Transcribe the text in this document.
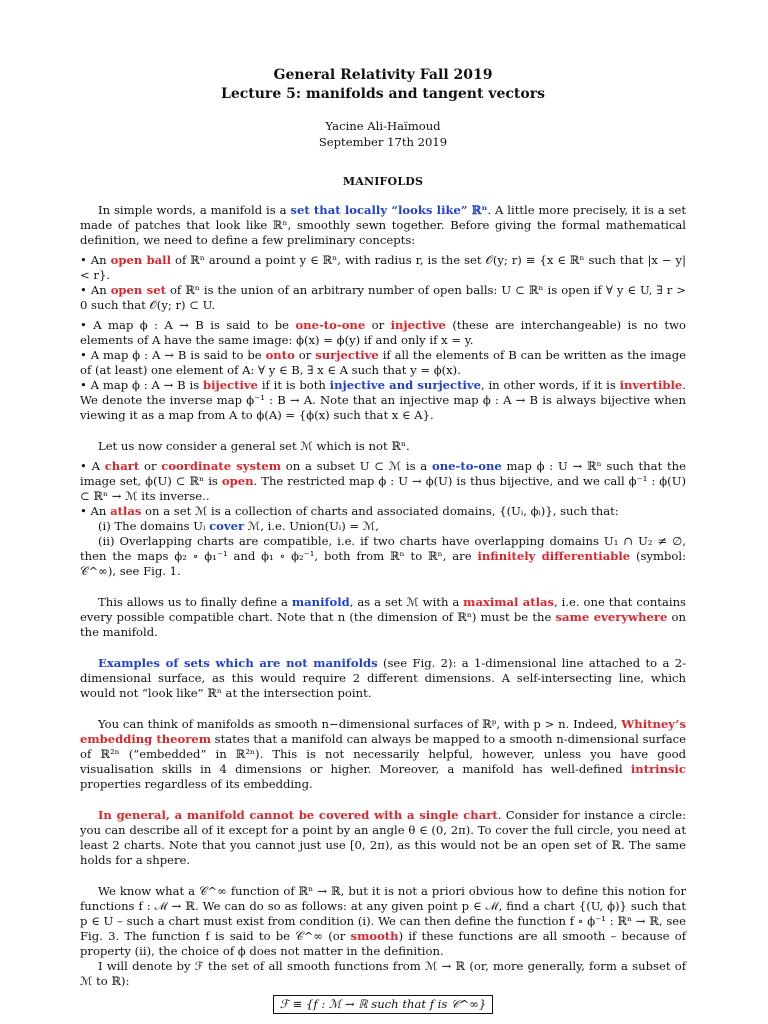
General Relativity Fall 2019
Lecture 5: manifolds and tangent vectors
Yacine Ali-Haïmoud
September 17th 2019
MANIFOLDS

In simple words, a manifold is a set that locally “looks like” ℝⁿ. A little more precisely, it is a set made of patches that look like ℝⁿ, smoothly sewn together. Before giving the formal mathematical definition, we need to define a few preliminary concepts:

• An open ball of ℝⁿ around a point y ∈ ℝⁿ, with radius r, is the set 𝒪(y; r) ≡ {x ∈ ℝⁿ such that |x − y| < r}.

• An open set of ℝⁿ is the union of an arbitrary number of open balls: U ⊂ ℝⁿ is open if ∀ y ∈ U, ∃ r > 0 such that 𝒪(y; r) ⊂ U.

• A map ϕ : A → B is said to be one-to-one or injective (these are interchangeable) is no two elements of A have the same image: ϕ(x) = ϕ(y) if and only if x = y.

• A map ϕ : A → B is said to be onto or surjective if all the elements of B can be written as the image of (at least) one element of A: ∀ y ∈ B, ∃ x ∈ A such that y = ϕ(x).

• A map ϕ : A → B is bijective if it is both injective and surjective, in other words, if it is invertible. We denote the inverse map ϕ⁻¹ : B → A. Note that an injective map ϕ : A → B is always bijective when viewing it as a map from A to ϕ(A) = {ϕ(x) such that x ∈ A}.

Let us now consider a general set ℳ which is not ℝⁿ.

• A chart or coordinate system on a subset U ⊂ ℳ is a one-to-one map ϕ : U → ℝⁿ such that the image set, ϕ(U) ⊂ ℝⁿ is open. The restricted map ϕ : U → ϕ(U) is thus bijective, and we call ϕ⁻¹ : ϕ(U) ⊂ ℝⁿ → ℳ its inverse..

• An atlas on a set ℳ is a collection of charts and associated domains, {(Uᵢ, ϕᵢ)}, such that:

(i) The domains Uᵢ cover ℳ, i.e. Union(Uᵢ) = ℳ,

(ii) Overlapping charts are compatible, i.e. if two charts have overlapping domains U₁ ∩ U₂ ≠ ∅, then the maps ϕ₂ ∘ ϕ₁⁻¹ and ϕ₁ ∘ ϕ₂⁻¹, both from ℝⁿ to ℝⁿ, are infinitely differentiable (symbol: 𝒞^∞), see Fig. 1.

This allows us to finally define a manifold, as a set ℳ with a maximal atlas, i.e. one that contains every possible compatible chart. Note that n (the dimension of ℝⁿ) must be the same everywhere on the manifold.

Examples of sets which are not manifolds (see Fig. 2): a 1-dimensional line attached to a 2-dimensional surface, as this would require 2 different dimensions. A self-intersecting line, which would not “look like” ℝⁿ at the intersection point.

You can think of manifolds as smooth n−dimensional surfaces of ℝᵖ, with p > n. Indeed, Whitney’s embedding theorem states that a manifold can always be mapped to a smooth n-dimensional surface of ℝ²ⁿ (“embedded” in ℝ²ⁿ). This is not necessarily helpful, however, unless you have good visualisation skills in 4 dimensions or higher. Moreover, a manifold has well-defined intrinsic properties regardless of its embedding.

In general, a manifold cannot be covered with a single chart. Consider for instance a circle: you can describe all of it except for a point by an angle θ ∈ (0, 2π). To cover the full circle, you need at least 2 charts. Note that you cannot just use [0, 2π), as this would not be an open set of ℝ. The same holds for a shpere.

We know what a 𝒞^∞ function of ℝⁿ → ℝ, but it is not a priori obvious how to define this notion for functions f : ℳ → ℝ. We can do so as follows: at any given point p ∈ ℳ, find a chart {(U, ϕ)} such that p ∈ U – such a chart must exist from condition (i). We can then define the function f ∘ ϕ⁻¹ : ℝⁿ → ℝ, see Fig. 3. The function f is said to be 𝒞^∞ (or smooth) if these functions are all smooth – because of property (ii), the choice of ϕ does not matter in the definition.

I will denote by ℱ the set of all smooth functions from ℳ → ℝ (or, more generally, form a subset of ℳ to ℝ):

ℱ ≡ {f : ℳ → ℝ such that f is 𝒞^∞}
